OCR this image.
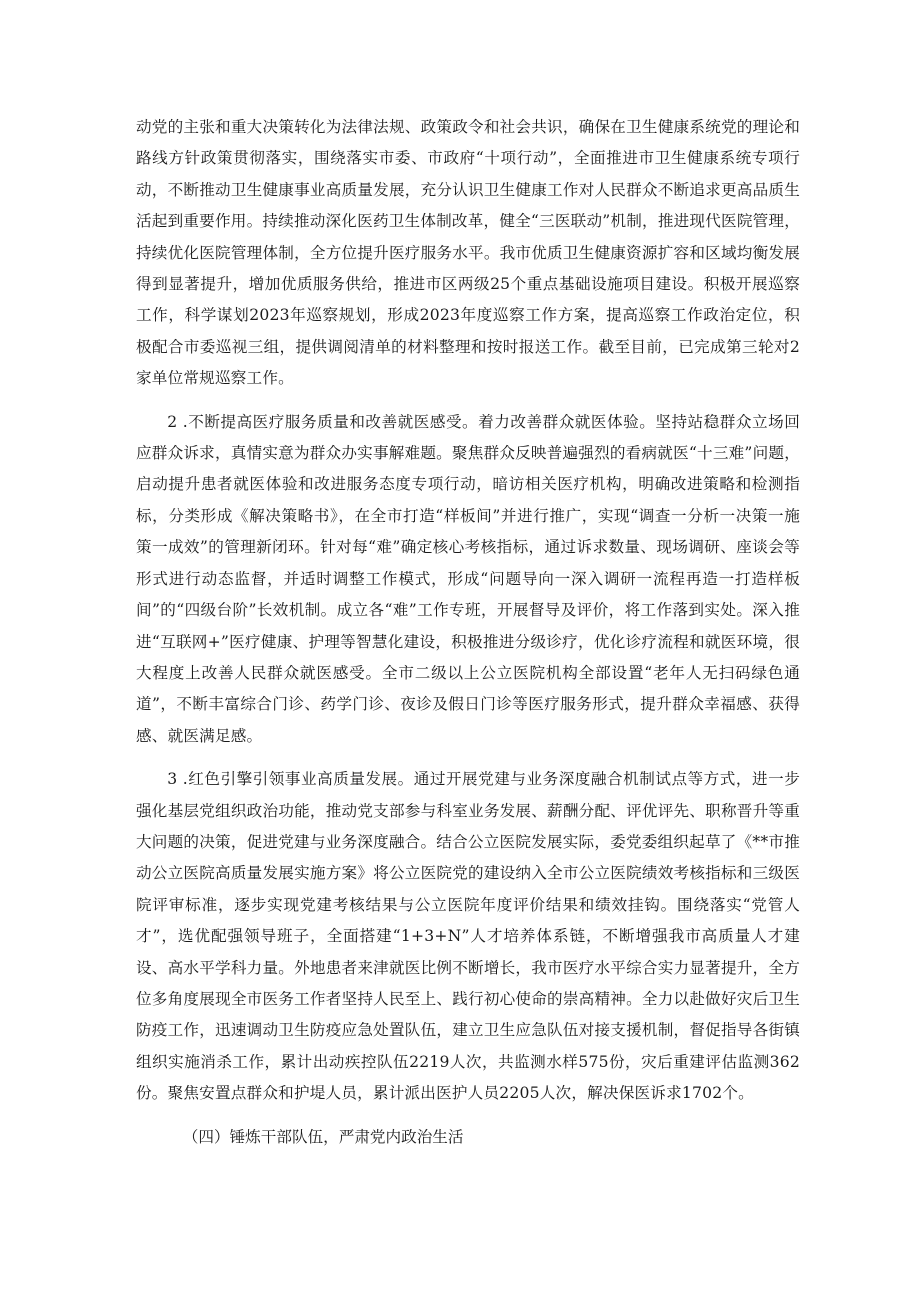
动党的主张和重大决策转化为法律法规、政策政令和社会共识，确保在卫生健康系统党的理论和路线方针政策贯彻落实，围绕落实市委、市政府“十项行动”，全面推进市卫生健康系统专项行动，不断推动卫生健康事业高质量发展，充分认识卫生健康工作对人民群众不断追求更高品质生活起到重要作用。持续推动深化医药卫生体制改革，健全“三医联动”机制，推进现代医院管理，持续优化医院管理体制，全方位提升医疗服务水平。我市优质卫生健康资源扩容和区域均衡发展得到显著提升，增加优质服务供给，推进市区两级25个重点基础设施项目建设。积极开展巡察工作，科学谋划2023年巡察规划，形成2023年度巡察工作方案，提高巡察工作政治定位，积极配合市委巡视三组，提供调阅清单的材料整理和按时报送工作。截至目前，已完成第三轮对2家单位常规巡察工作。

2 .不断提高医疗服务质量和改善就医感受。着力改善群众就医体验。坚持站稳群众立场回应群众诉求，真情实意为群众办实事解难题。聚焦群众反映普遍强烈的看病就医“十三难”问题，启动提升患者就医体验和改进服务态度专项行动，暗访相关医疗机构，明确改进策略和检测指标，分类形成《解决策略书》，在全市打造“样板间”并进行推广，实现“调查一分析一决策一施策一成效”的管理新闭环。针对每“难”确定核心考核指标，通过诉求数量、现场调研、座谈会等形式进行动态监督，并适时调整工作模式，形成“问题导向一深入调研一流程再造一打造样板间”的“四级台阶”长效机制。成立各“难”工作专班，开展督导及评价，将工作落到实处。深入推进“互联网+”医疗健康、护理等智慧化建设，积极推进分级诊疗，优化诊疗流程和就医环境，很大程度上改善人民群众就医感受。全市二级以上公立医院机构全部设置“老年人无扫码绿色通道”，不断丰富综合门诊、药学门诊、夜诊及假日门诊等医疗服务形式，提升群众幸福感、获得感、就医满足感。

3 .红色引擎引领事业高质量发展。通过开展党建与业务深度融合机制试点等方式，进一步强化基层党组织政治功能，推动党支部参与科室业务发展、薪酬分配、评优评先、职称晋升等重大问题的决策，促进党建与业务深度融合。结合公立医院发展实际，委党委组织起草了《**市推动公立医院高质量发展实施方案》将公立医院党的建设纳入全市公立医院绩效考核指标和三级医院评审标准，逐步实现党建考核结果与公立医院年度评价结果和绩效挂钩。围绕落实“党管人才”，选优配强领导班子，全面搭建“1+3+N”人才培养体系链，不断增强我市高质量人才建设、高水平学科力量。外地患者来津就医比例不断增长，我市医疗水平综合实力显著提升，全方位多角度展现全市医务工作者坚持人民至上、践行初心使命的崇高精神。全力以赴做好灾后卫生防疫工作，迅速调动卫生防疫应急处置队伍，建立卫生应急队伍对接支援机制，督促指导各街镇组织实施消杀工作，累计出动疾控队伍2219人次，共监测水样575份，灾后重建评估监测362份。聚焦安置点群众和护堤人员，累计派出医护人员2205人次，解决保医诉求1702个。

（四）锤炼干部队伍，严肃党内政治生活
